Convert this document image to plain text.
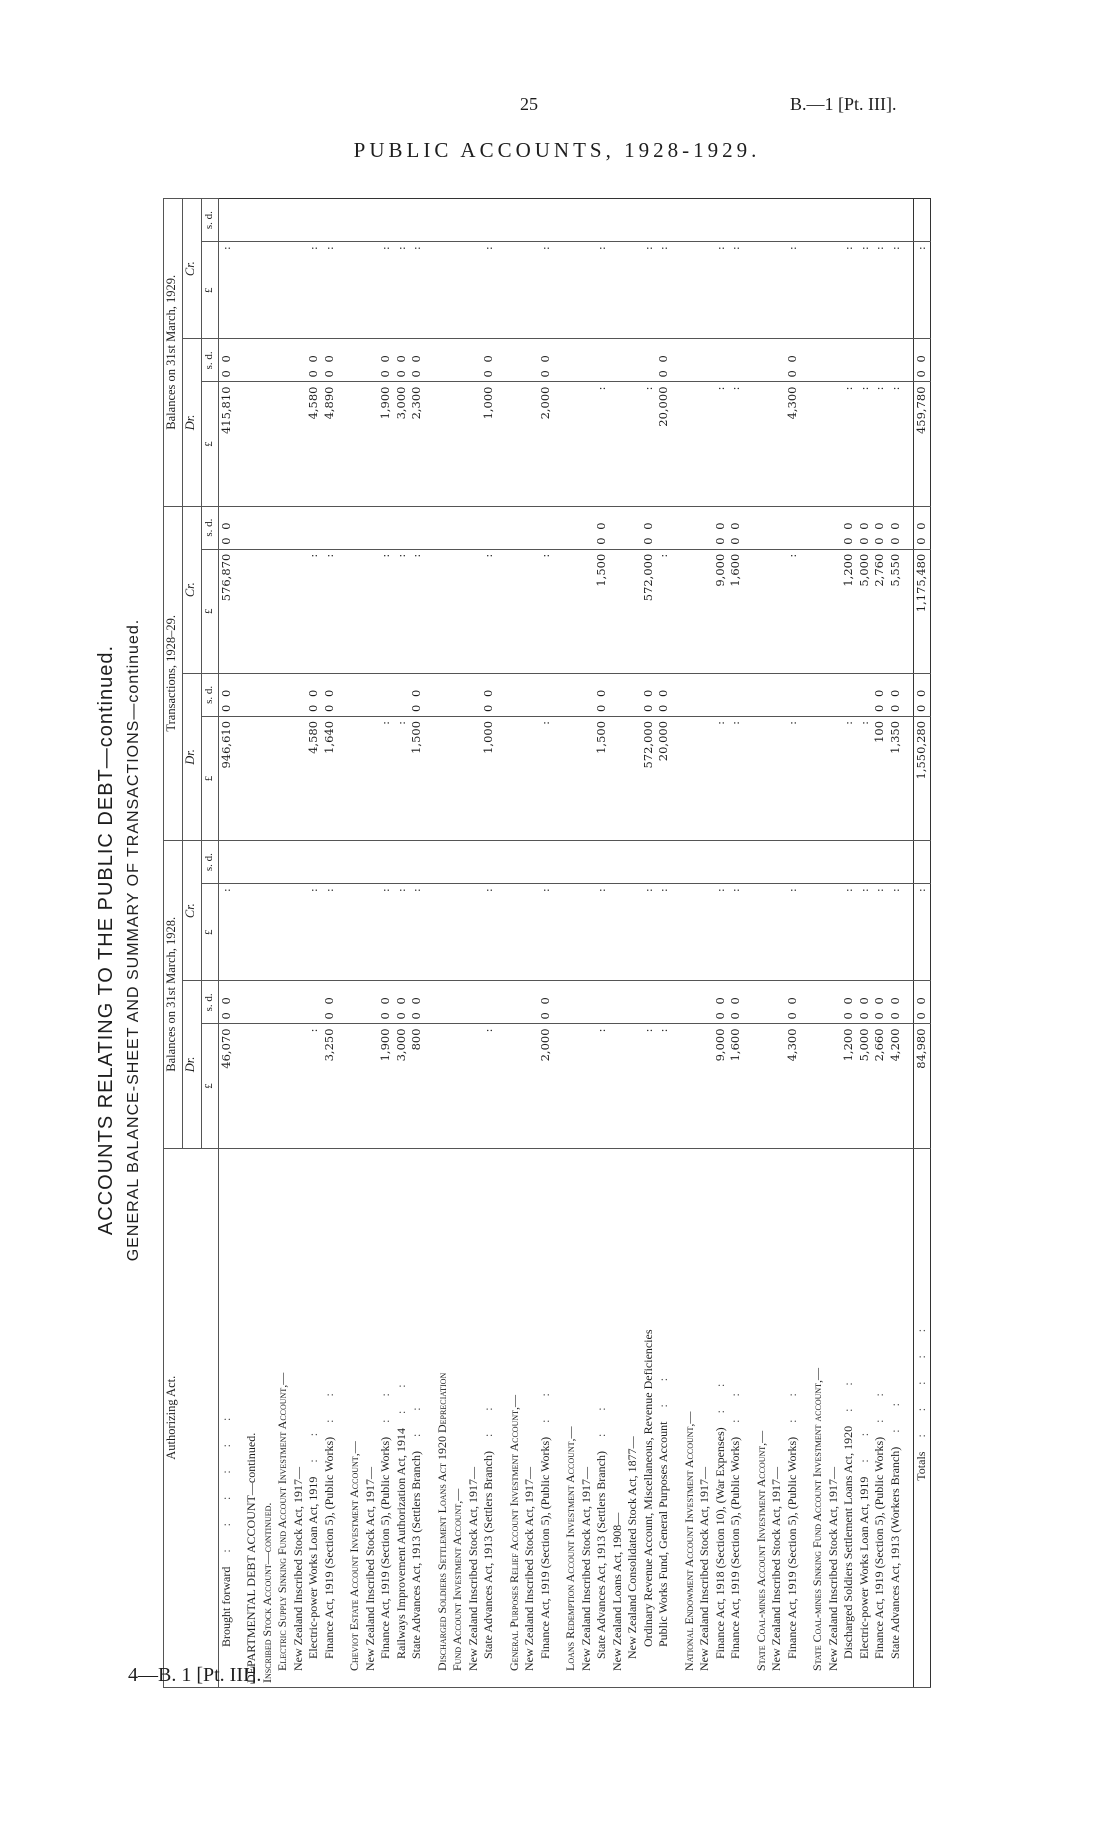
25	B.—1 [Pt. III].
PUBLIC ACCOUNTS, 1928-1929.
ACCOUNTS RELATING TO THE PUBLIC DEBT—continued. GENERAL BALANCE-SHEET AND SUMMARY OF TRANSACTIONS—continued.
Authorizing Act.	Balances on 31st March, 1928.				Transactions, 1928–29.				Balances on 31st March, 1929.			
	Dr.		Cr.		Dr.		Cr.		Dr.		Cr.	
	£	s. d.	£	s. d.	£	s. d.	£	s. d.	£	s. d.	£	s. d.
Brought forward: : : : : :	46,070	0 0	:		946,610	0 0	576,870	0 0	415,810	0 0	:	

DEPARTMENTAL DEBT ACCOUNT—continued.												
Inscribed Stock Account—continued.												
Electric Supply Sinking Fund Account Investment Account,—												
New Zealand Inscribed Stock Act, 1917—												
Electric-power Works Loan Act, 1919: :	:		:		4,580	0 0	:		4,580	0 0	:	
Finance Act, 1919 (Section 5), (Public Works): :	3,250	0 0	:		1,640	0 0	:		4,890	0 0	:	

Cheviot Estate Account Investment Account,—												
New Zealand Inscribed Stock Act, 1917—												
Finance Act, 1919 (Section 5), (Public Works): :	1,900	0 0	:		:		:		1,900	0 0	:	
Railways Improvement Authorization Act, 1914: :	3,000	0 0	:		:		:		3,000	0 0	:	
State Advances Act, 1913 (Settlers Branch): :	800	0 0	:		1,500	0 0	:		2,300	0 0	:	

Discharged Soldiers Settlement Loans Act 1920 Depreciation												
Fund Account Investment Account,—												
New Zealand Inscribed Stock Act, 1917—												
State Advances Act, 1913 (Settlers Branch): :	:		:		1,000	0 0	:		1,000	0 0	:	

General Purposes Relief Account Investment Account,—												
New Zealand Inscribed Stock Act, 1917—												
Finance Act, 1919 (Section 5), (Public Works): :	2,000	0 0	:		:		:		2,000	0 0	:	

Loans Redemption Account Investment Account,—												
New Zealand Inscribed Stock Act, 1917—												
State Advances Act, 1913 (Settlers Branch): :	:		:		1,500	0 0	1,500	0 0	:		:	
New Zealand Loans Act, 1908—												
New Zealand Consolidated Stock Act, 1877—												
Ordinary Revenue Account, Miscellaneous, Revenue Deficiencies	:		:		572,000	0 0	572,000	0 0	:		:	
Public Works Fund, General Purposes Account: :	:		:		20,000	0 0	:		20,000	0 0	:	

National Endowment Account Investment Account,—												
New Zealand Inscribed Stock Act, 1917—												
Finance Act, 1918 (Section 10), (War Expenses): :	9,000	0 0	:		:		9,000	0 0	:		:	
Finance Act, 1919 (Section 5), (Public Works): :	1,600	0 0	:		:		1,600	0 0	:		:	

State Coal-mines Account Investment Account,—												
New Zealand Inscribed Stock Act, 1917—												
Finance Act, 1919 (Section 5), (Public Works): :	4,300	0 0	:		:		:		4,300	0 0	:	

State Coal-mines Sinking Fund Account Investment account,—												
New Zealand Inscribed Stock Act, 1917—												
Discharged Soldiers Settlement Loans Act, 1920: :	1,200	0 0	:		:		1,200	0 0	:		:	
Electric-power Works Loan Act, 1919: :	5,000	0 0	:		:		5,000	0 0	:		:	
Finance Act, 1919 (Section 5), (Public Works): :	2,660	0 0	:		100	0 0	2,760	0 0	:		:	
State Advances Act, 1913 (Workers Branch): :	4,200	0 0	:		1,350	0 0	5,550	0 0	:		:	

Totals: : : : :	84,980	0 0	:		1,550,280	0 0	1,175,480	0 0	459,780	0 0	:	
4—B. 1 [Pt. III].
